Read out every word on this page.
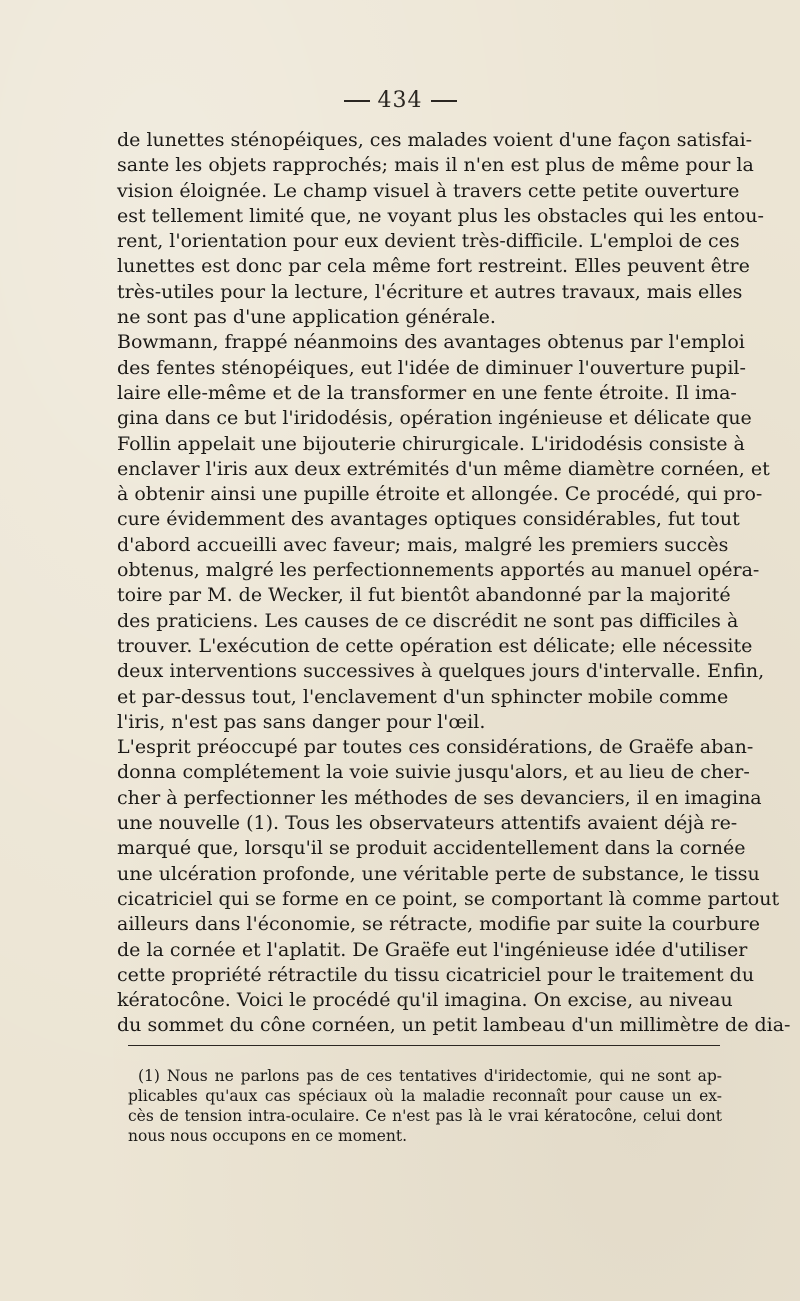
434
de lunettes sténopéiques, ces malades voient d'une façon satisfai-
sante les objets rapprochés; mais il n'en est plus de même pour la
vision éloignée. Le champ visuel à travers cette petite ouverture
est tellement limité que, ne voyant plus les obstacles qui les entou-
rent, l'orientation pour eux devient très-difficile. L'emploi de ces
lunettes est donc par cela même fort restreint. Elles peuvent être
très-utiles pour la lecture, l'écriture et autres travaux, mais elles
ne sont pas d'une application générale.
Bowmann, frappé néanmoins des avantages obtenus par l'emploi
des fentes sténopéiques, eut l'idée de diminuer l'ouverture pupil-
laire elle-même et de la transformer en une fente étroite. Il ima-
gina dans ce but l'iridodésis, opération ingénieuse et délicate que
Follin appelait une bijouterie chirurgicale. L'iridodésis consiste à
enclaver l'iris aux deux extrémités d'un même diamètre cornéen, et
à obtenir ainsi une pupille étroite et allongée. Ce procédé, qui pro-
cure évidemment des avantages optiques considérables, fut tout
d'abord accueilli avec faveur; mais, malgré les premiers succès
obtenus, malgré les perfectionnements apportés au manuel opéra-
toire par M. de Wecker, il fut bientôt abandonné par la majorité
des praticiens. Les causes de ce discrédit ne sont pas difficiles à
trouver. L'exécution de cette opération est délicate; elle nécessite
deux interventions successives à quelques jours d'intervalle. Enfin,
et par-dessus tout, l'enclavement d'un sphincter mobile comme
l'iris, n'est pas sans danger pour l'œil.
L'esprit préoccupé par toutes ces considérations, de Graëfe aban-
donna complétement la voie suivie jusqu'alors, et au lieu de cher-
cher à perfectionner les méthodes de ses devanciers, il en imagina
une nouvelle (1). Tous les observateurs attentifs avaient déjà re-
marqué que, lorsqu'il se produit accidentellement dans la cornée
une ulcération profonde, une véritable perte de substance, le tissu
cicatriciel qui se forme en ce point, se comportant là comme partout
ailleurs dans l'économie, se rétracte, modifie par suite la courbure
de la cornée et l'aplatit. De Graëfe eut l'ingénieuse idée d'utiliser
cette propriété rétractile du tissu cicatriciel pour le traitement du
kératocône. Voici le procédé qu'il imagina. On excise, au niveau
du sommet du cône cornéen, un petit lambeau d'un millimètre de dia-
(1) Nous ne parlons pas de ces tentatives d'iridectomie, qui ne sont ap-
plicables qu'aux cas spéciaux où la maladie reconnaît pour cause un ex-
cès de tension intra-oculaire. Ce n'est pas là le vrai kératocône, celui dont
nous nous occupons en ce moment.
